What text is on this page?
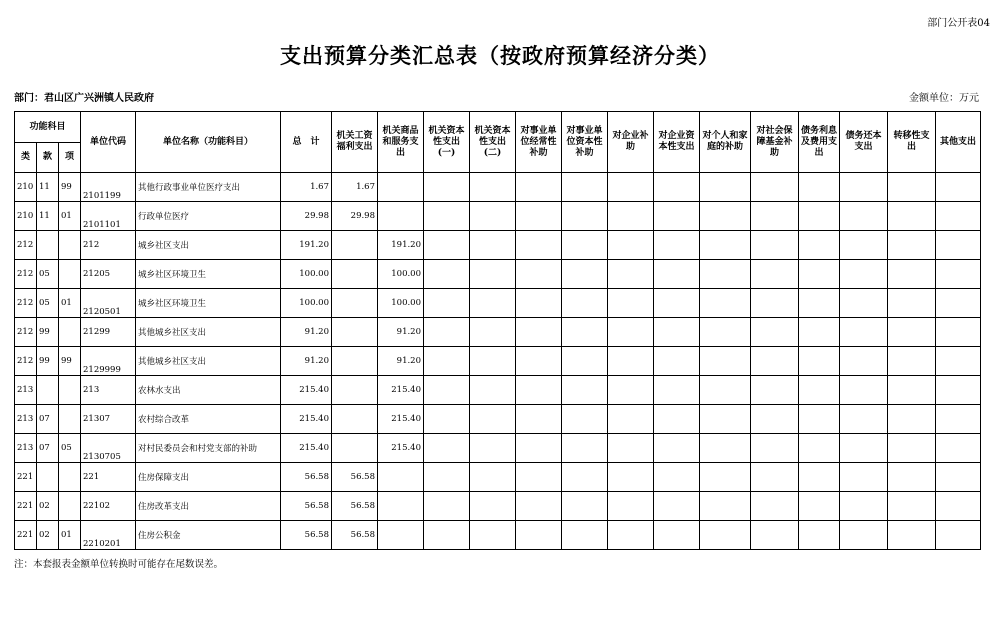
部门公开表04
支出预算分类汇总表（按政府预算经济分类）
部门：君山区广兴洲镇人民政府	金额单位：万元
功能科目			单位代码	单位名称（功能科目）	总　计	机关工资福利支出	机关商品和服务支出	机关资本性支出(一)	机关资本性支出(二)	对事业单位经常性补助	对事业单位资本性补助	对企业补助	对企业资本性支出	对个人和家庭的补助	对社会保障基金补助	债务利息及费用支出	债务还本支出	转移性支出	其他支出
类	款	项																	
210	11	99	2101199	其他行政事业单位医疗支出	1.67	1.67													
210	11	01	2101101	行政单位医疗	29.98	29.98													
212			212	城乡社区支出	191.20		191.20												
212	05		21205	城乡社区环境卫生	100.00		100.00												
212	05	01	2120501	城乡社区环境卫生	100.00		100.00												
212	99		21299	其他城乡社区支出	91.20		91.20												
212	99	99	2129999	其他城乡社区支出	91.20		91.20												
213			213	农林水支出	215.40		215.40												
213	07		21307	农村综合改革	215.40		215.40												
213	07	05	2130705	对村民委员会和村党支部的补助	215.40		215.40												
221			221	住房保障支出	56.58	56.58													
221	02		22102	住房改革支出	56.58	56.58													
221	02	01	2210201	住房公积金	56.58	56.58													
注：本套报表金额单位转换时可能存在尾数误差。
